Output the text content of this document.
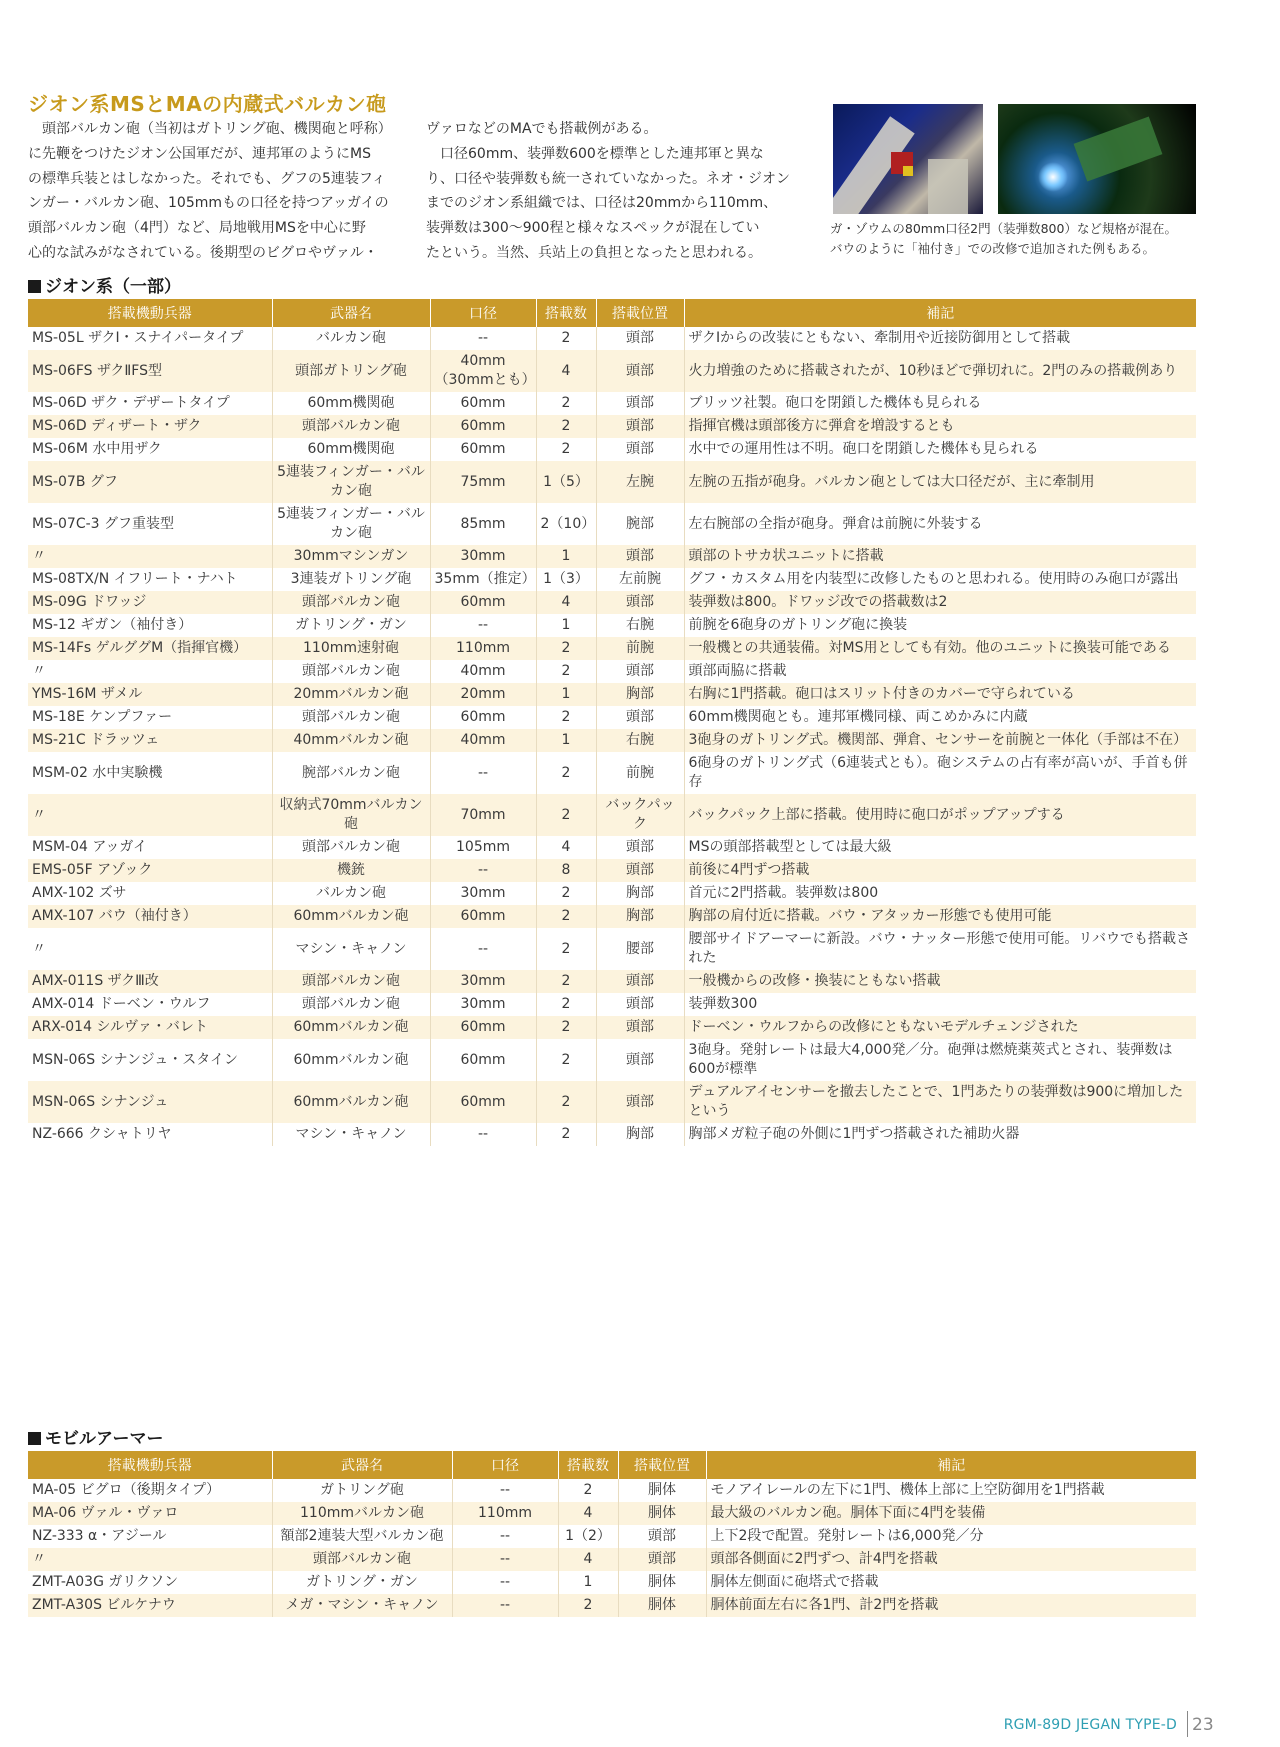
ジオン系MSとMAの内蔵式バルカン砲

　頭部バルカン砲（当初はガトリング砲、機関砲と呼称）

に先鞭をつけたジオン公国軍だが、連邦軍のようにMS

の標準兵装とはしなかった。それでも、グフの5連装フィ

ンガー・バルカン砲、105mmもの口径を持つアッガイの

頭部バルカン砲（4門）など、局地戦用MSを中心に野

心的な試みがなされている。後期型のビグロやヴァル・

ヴァロなどのMAでも搭載例がある。

　口径60mm、装弾数600を標準とした連邦軍と異な

り、口径や装弾数も統一されていなかった。ネオ・ジオン

までのジオン系組織では、口径は20mmから110mm、

装弾数は300～900程と様々なスペックが混在してい

たという。当然、兵站上の負担となったと思われる。

ガ・ゾウムの80mm口径2門（装弾数800）など規格が混在。
バウのように「袖付き」での改修で追加された例もある。
ジオン系（一部）
搭載機動兵器	武器名	口径	搭載数	搭載位置	補記
MS-05L ザクⅠ・スナイパータイプ	バルカン砲	--	2	頭部	ザクⅠからの改装にともない、牽制用や近接防御用として搭載
MS-06FS ザクⅡFS型	頭部ガトリング砲	40mm（30mmとも）	4	頭部	火力増強のために搭載されたが、10秒ほどで弾切れに。2門のみの搭載例あり
MS-06D ザク・デザートタイプ	60mm機関砲	60mm	2	頭部	ブリッツ社製。砲口を閉鎖した機体も見られる
MS-06D ディザート・ザク	頭部バルカン砲	60mm	2	頭部	指揮官機は頭部後方に弾倉を増設するとも
MS-06M 水中用ザク	60mm機関砲	60mm	2	頭部	水中での運用性は不明。砲口を閉鎖した機体も見られる
MS-07B グフ	5連装フィンガー・バルカン砲	75mm	1（5）	左腕	左腕の五指が砲身。バルカン砲としては大口径だが、主に牽制用
MS-07C-3 グフ重装型	5連装フィンガー・バルカン砲	85mm	2（10）	腕部	左右腕部の全指が砲身。弾倉は前腕に外装する
〃	30mmマシンガン	30mm	1	頭部	頭部のトサカ状ユニットに搭載
MS-08TX/N イフリート・ナハト	3連装ガトリング砲	35mm（推定）	1（3）	左前腕	グフ・カスタム用を内装型に改修したものと思われる。使用時のみ砲口が露出
MS-09G ドワッジ	頭部バルカン砲	60mm	4	頭部	装弾数は800。ドワッジ改での搭載数は2
MS-12 ギガン（袖付き）	ガトリング・ガン	--	1	右腕	前腕を6砲身のガトリング砲に換装
MS-14Fs ゲルググM（指揮官機）	110mm速射砲	110mm	2	前腕	一般機との共通装備。対MS用としても有効。他のユニットに換装可能である
〃	頭部バルカン砲	40mm	2	頭部	頭部両脇に搭載
YMS-16M ザメル	20mmバルカン砲	20mm	1	胸部	右胸に1門搭載。砲口はスリット付きのカバーで守られている
MS-18E ケンプファー	頭部バルカン砲	60mm	2	頭部	60mm機関砲とも。連邦軍機同様、両こめかみに内蔵
MS-21C ドラッツェ	40mmバルカン砲	40mm	1	右腕	3砲身のガトリング式。機関部、弾倉、センサーを前腕と一体化（手部は不在）
MSM-02 水中実験機	腕部バルカン砲	--	2	前腕	6砲身のガトリング式（6連装式とも）。砲システムの占有率が高いが、手首も併存
〃	収納式70mmバルカン砲	70mm	2	バックパック	バックパック上部に搭載。使用時に砲口がポップアップする
MSM-04 アッガイ	頭部バルカン砲	105mm	4	頭部	MSの頭部搭載型としては最大級
EMS-05F アゾック	機銃	--	8	頭部	前後に4門ずつ搭載
AMX-102 ズサ	バルカン砲	30mm	2	胸部	首元に2門搭載。装弾数は800
AMX-107 バウ（袖付き）	60mmバルカン砲	60mm	2	胸部	胸部の肩付近に搭載。バウ・アタッカー形態でも使用可能
〃	マシン・キャノン	--	2	腰部	腰部サイドアーマーに新設。バウ・ナッター形態で使用可能。リバウでも搭載された
AMX-011S ザクⅢ改	頭部バルカン砲	30mm	2	頭部	一般機からの改修・換装にともない搭載
AMX-014 ドーベン・ウルフ	頭部バルカン砲	30mm	2	頭部	装弾数300
ARX-014 シルヴァ・バレト	60mmバルカン砲	60mm	2	頭部	ドーベン・ウルフからの改修にともないモデルチェンジされた
MSN-06S シナンジュ・スタイン	60mmバルカン砲	60mm	2	頭部	3砲身。発射レートは最大4,000発／分。砲弾は燃焼薬莢式とされ、装弾数は600が標準
MSN-06S シナンジュ	60mmバルカン砲	60mm	2	頭部	デュアルアイセンサーを撤去したことで、1門あたりの装弾数は900に増加したという
NZ-666 クシャトリヤ	マシン・キャノン	--	2	胸部	胸部メガ粒子砲の外側に1門ずつ搭載された補助火器
モビルアーマー
搭載機動兵器	武器名	口径	搭載数	搭載位置	補記
MA-05 ビグロ（後期タイプ）	ガトリング砲	--	2	胴体	モノアイレールの左下に1門、機体上部に上空防御用を1門搭載
MA-06 ヴァル・ヴァロ	110mmバルカン砲	110mm	4	胴体	最大級のバルカン砲。胴体下面に4門を装備
NZ-333 α・アジール	額部2連装大型バルカン砲	--	1（2）	頭部	上下2段で配置。発射レートは6,000発／分
〃	頭部バルカン砲	--	4	頭部	頭部各側面に2門ずつ、計4門を搭載
ZMT-A03G ガリクソン	ガトリング・ガン	--	1	胴体	胴体左側面に砲塔式で搭載
ZMT-A30S ビルケナウ	メガ・マシン・キャノン	--	2	胴体	胴体前面左右に各1門、計2門を搭載
RGM-89D JEGAN TYPE-D 23
